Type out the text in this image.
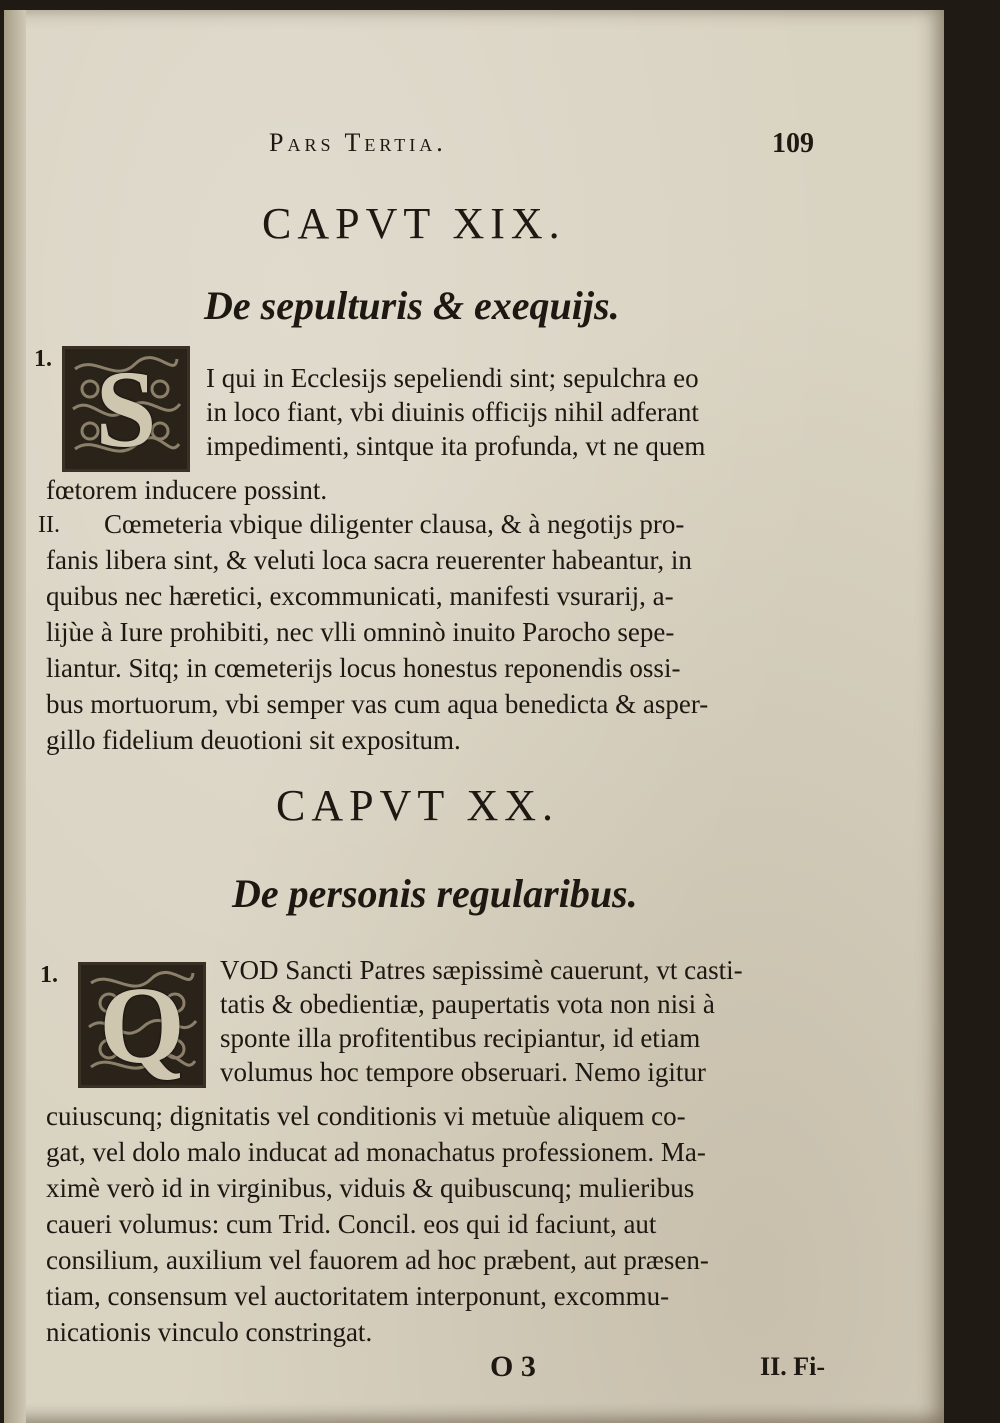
Pars Tertia.	109
CAPVT XIX.
De sepulturis & exequijs.
1. S	I qui in Ecclesijs sepeliendi sint; sepulchra eo
in loco fiant, vbi diuinis officijs nihil adferant
impedimenti, sintque ita profunda, vt ne quem
fœtorem inducere possint.
II. Cœmeteria vbique diligenter clausa, & à negotijs pro-
fanis libera sint, & veluti loca sacra reuerenter habeantur, in
quibus nec hæretici, excommunicati, manifesti vsurarij, a-
lijùe à Iure prohibiti, nec vlli omninò inuito Parocho sepe-
liantur. Sitq; in cœmeterijs locus honestus reponendis ossi-
bus mortuorum, vbi semper vas cum aqua benedicta & asper-
gillo fidelium deuotioni sit expositum.
CAPVT XX.
De personis regularibus.
1. Q	VOD Sancti Patres sæpissimè cauerunt, vt casti-
tatis & obedientiæ, paupertatis vota non nisi à
sponte illa profitentibus recipiantur, id etiam
volumus hoc tempore obseruari. Nemo igitur
cuiuscunq; dignitatis vel conditionis vi metuùe aliquem co-
gat, vel dolo malo inducat ad monachatus professionem. Ma-
ximè verò id in virginibus, viduis & quibuscunq; mulieribus
caueri volumus: cum Trid. Concil. eos qui id faciunt, aut
consilium, auxilium vel fauorem ad hoc præbent, aut præsen-
tiam, consensum vel auctoritatem interponunt, excommu-
nicationis vinculo constringat.
O 3	II. Fi-
